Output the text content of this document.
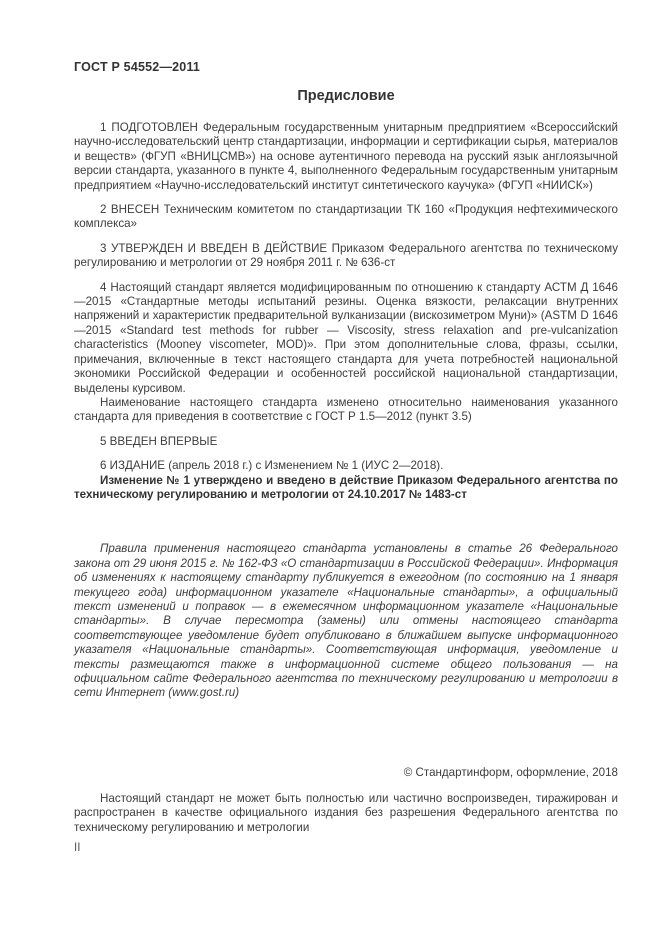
ГОСТ Р 54552—2011
Предисловие

1 ПОДГОТОВЛЕН Федеральным государственным унитарным предприятием «Всероссийский научно-исследовательский центр стандартизации, информации и сертификации сырья, материалов и веществ» (ФГУП «ВНИЦСМВ») на основе аутентичного перевода на русский язык англоязычной версии стандарта, указанного в пункте 4, выполненного Федеральным государственным унитарным предприятием «Научно-исследовательский институт синтетического каучука» (ФГУП «НИИСК»)

2 ВНЕСЕН Техническим комитетом по стандартизации ТК 160 «Продукция нефтехимического комплекса»

3 УТВЕРЖДЕН И ВВЕДЕН В ДЕЙСТВИЕ Приказом Федерального агентства по техническому регулированию и метрологии от 29 ноября 2011 г. № 636-ст

4 Настоящий стандарт является модифицированным по отношению к стандарту АСТМ Д 1646—2015 «Стандартные методы испытаний резины. Оценка вязкости, релаксации внутренних напряжений и характеристик предварительной вулканизации (вискозиметром Муни)» (ASTM D 1646—2015 «Standard test methods for rubber — Viscosity, stress relaxation and pre-vulcanization characteristics (Mooney viscometer, MOD)». При этом дополнительные слова, фразы, ссылки, примечания, включенные в текст настоящего стандарта для учета потребностей национальной экономики Российской Федерации и особенностей российской национальной стандартизации, выделены курсивом.

Наименование настоящего стандарта изменено относительно наименования указанного стандарта для приведения в соответствие с ГОСТ Р 1.5—2012 (пункт 3.5)

5 ВВЕДЕН ВПЕРВЫЕ

6 ИЗДАНИЕ (апрель 2018 г.) с Изменением № 1 (ИУС 2—2018).

Изменение № 1 утверждено и введено в действие Приказом Федерального агентства по техническому регулированию и метрологии от 24.10.2017 № 1483-ст

Правила применения настоящего стандарта установлены в статье 26 Федерального закона от 29 июня 2015 г. № 162-ФЗ «О стандартизации в Российской Федерации». Информация об изменениях к настоящему стандарту публикуется в ежегодном (по состоянию на 1 января текущего года) информационном указателе «Национальные стандарты», а официальный текст изменений и поправок — в ежемесячном информационном указателе «Национальные стандарты». В случае пересмотра (замены) или отмены настоящего стандарта соответствующее уведомление будет опубликовано в ближайшем выпуске информационного указателя «Национальные стандарты». Соответствующая информация, уведомление и тексты размещаются также в информационной системе общего пользования — на официальном сайте Федерального агентства по техническому регулированию и метрологии в сети Интернет (www.gost.ru)

© Стандартинформ, оформление, 2018

Настоящий стандарт не может быть полностью или частично воспроизведен, тиражирован и распространен в качестве официального издания без разрешения Федерального агентства по техническому регулированию и метрологии

II
